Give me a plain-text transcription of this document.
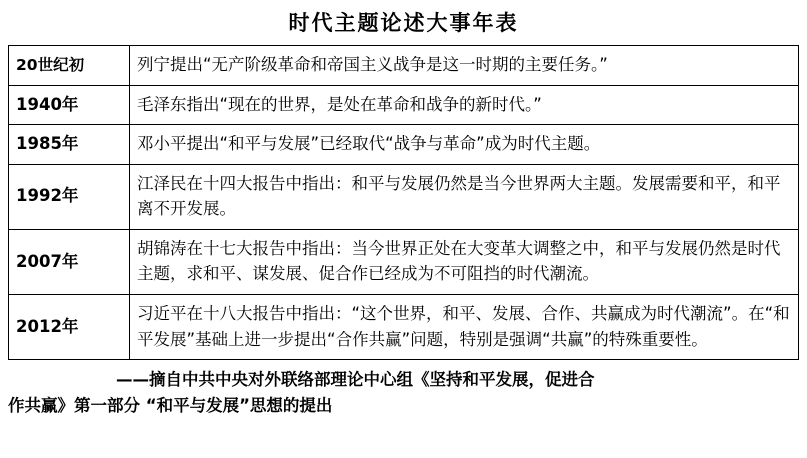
时代主题论述大事年表
20世纪初	列宁提出“无产阶级革命和帝国主义战争是这一时期的主要任务。”
1940年	毛泽东指出“现在的世界，是处在革命和战争的新时代。”
1985年	邓小平提出“和平与发展”已经取代“战争与革命”成为时代主题。
1992年	江泽民在十四大报告中指出：和平与发展仍然是当今世界两大主题。发展需要和平，和平离不开发展。
2007年	胡锦涛在十七大报告中指出：当今世界正处在大变革大调整之中，和平与发展仍然是时代主题，求和平、谋发展、促合作已经成为不可阻挡的时代潮流。
2012年	习近平在十八大报告中指出：“这个世界，和平、发展、合作、共赢成为时代潮流”。在“和平发展”基础上进一步提出“合作共赢”问题，特别是强调“共赢”的特殊重要性。
——摘自中共中央对外联络部理论中心组《坚持和平发展，促进合
作共赢》第一部分 “和平与发展”思想的提出
